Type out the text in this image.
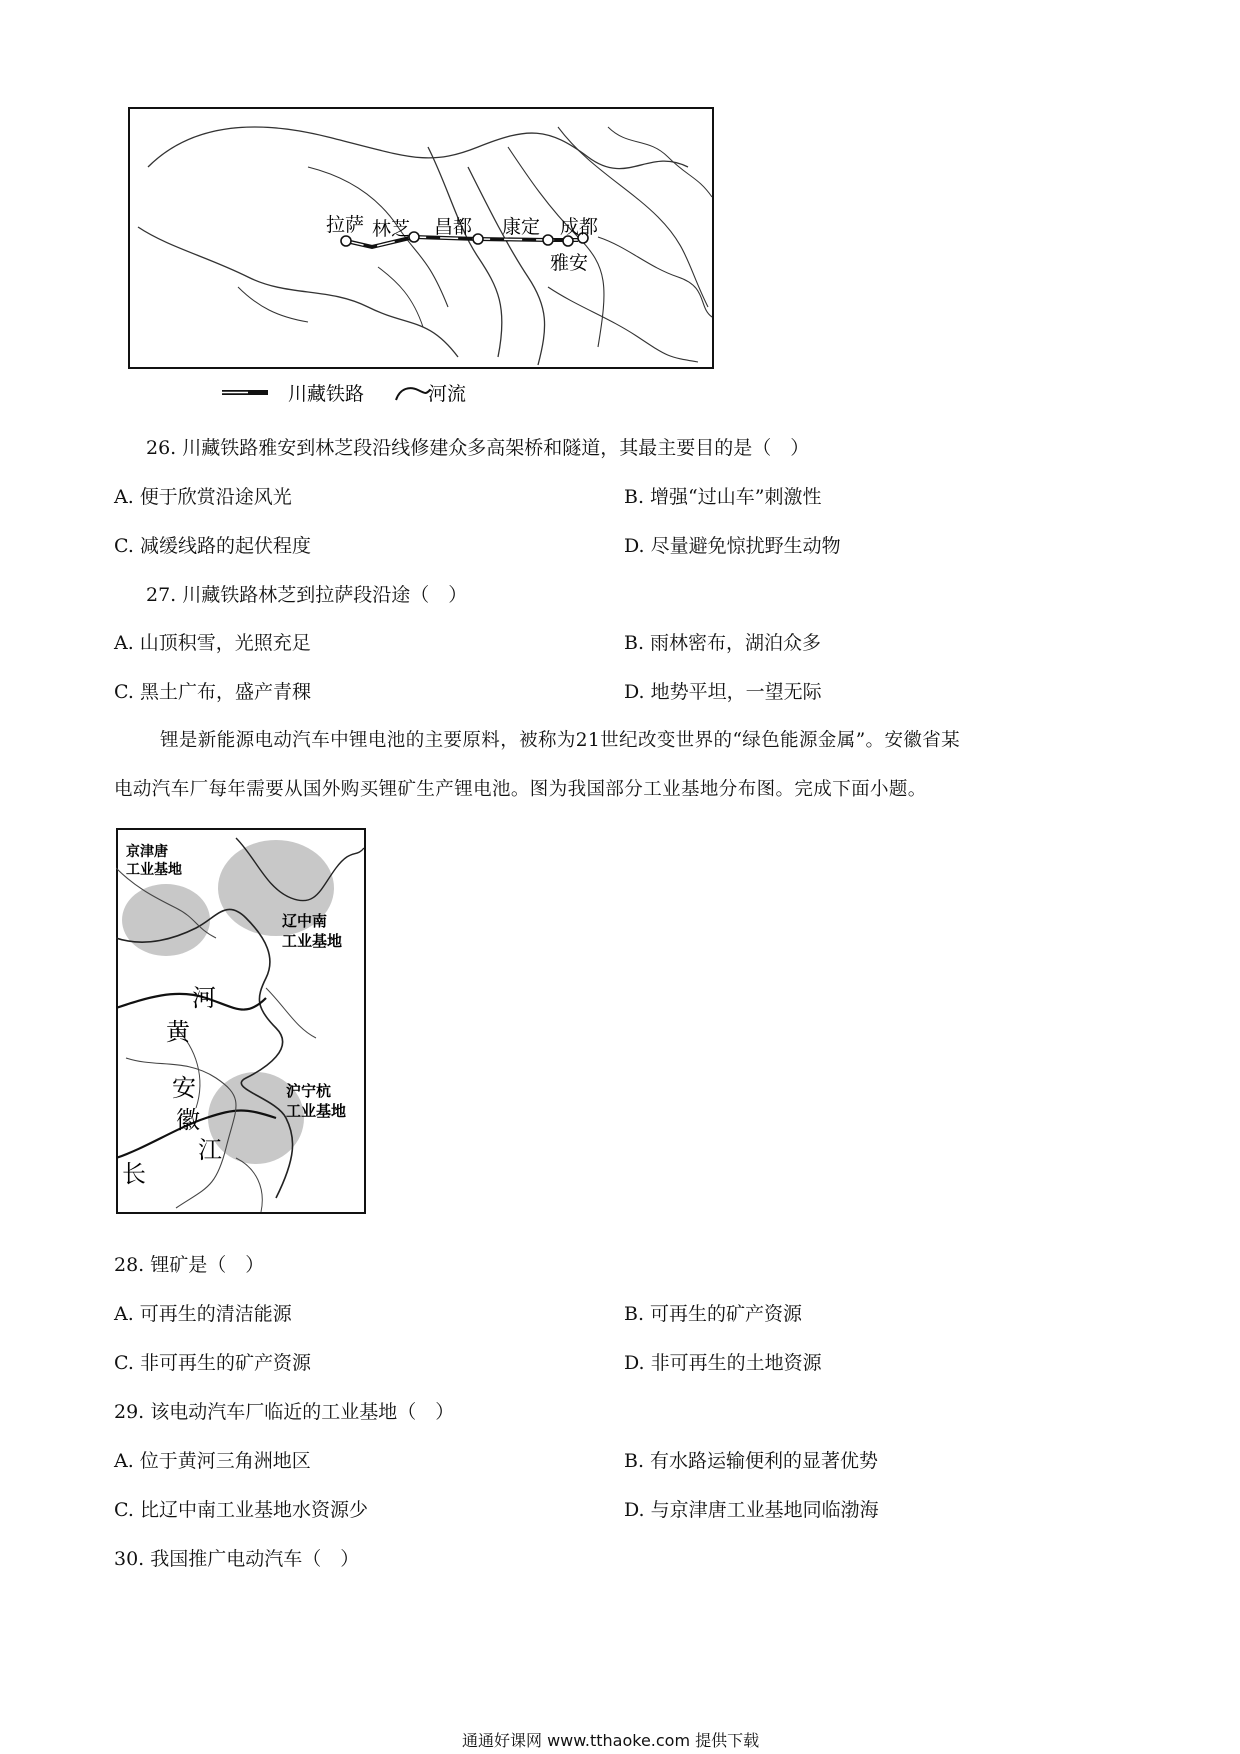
拉萨 林芝 昌都 康定 成都
雅安
川藏铁路	河流
26. 川藏铁路雅安到林芝段沿线修建众多高架桥和隧道，其最主要目的是（　）
A. 便于欣赏沿途风光	B. 增强“过山车”刺激性
C. 减缓线路的起伏程度	D. 尽量避免惊扰野生动物
27. 川藏铁路林芝到拉萨段沿途（　）
A. 山顶积雪，光照充足	B. 雨林密布，湖泊众多
C. 黑土广布，盛产青稞	D. 地势平坦，一望无际
锂是新能源电动汽车中锂电池的主要原料，被称为21世纪改变世界的“绿色能源金属”。安徽省某
电动汽车厂每年需要从国外购买锂矿生产锂电池。图为我国部分工业基地分布图。完成下面小题。
京津唐
工业基地
辽中南
工业基地
沪宁杭
工业基地
河
黄
安
徽
江
长
28. 锂矿是（　）
A. 可再生的清洁能源	B. 可再生的矿产资源
C. 非可再生的矿产资源	D. 非可再生的土地资源
29. 该电动汽车厂临近的工业基地（　）
A. 位于黄河三角洲地区	B. 有水路运输便利的显著优势
C. 比辽中南工业基地水资源少	D. 与京津唐工业基地同临渤海
30. 我国推广电动汽车（　）
通通好课网 www.tthaoke.com 提供下载
